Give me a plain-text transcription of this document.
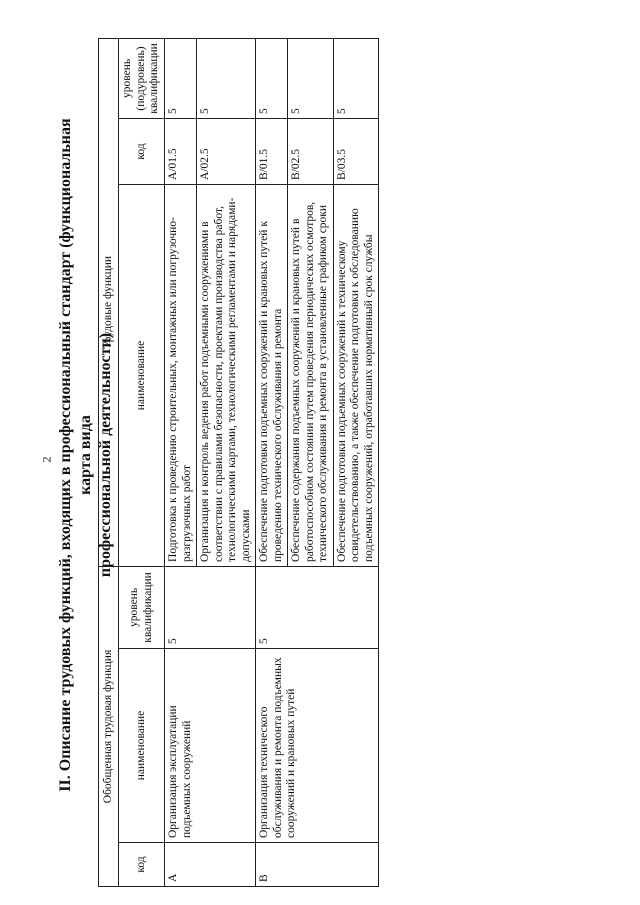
2 II. Описание трудовых функций, входящих в профессиональный стандарт (функциональная карта вида профессиональной деятельности)
Обобщенная трудовая функция			Трудовые функции		
код	наименование	уровень квалификации	наименование	код	уровень (подуровень) квалификации
A	Организация эксплуатации подъемных сооружений	5	Подготовка к проведению строительных, монтажных или погрузочно-разгрузочных работ	A/01.5	5
			Организация и контроль ведения работ подъемными сооружениями в соответствии с правилами безопасности, проектами производства работ, технологическими картами, технологическими регламентами и нарядами-допусками	A/02.5	5
B	Организация технического обслуживания и ремонта подъемных сооружений и крановых путей	5	Обеспечение подготовки подъемных сооружений и крановых путей к проведению технического обслуживания и ремонта	B/01.5	5
			Обеспечение содержания подъемных сооружений и крановых путей в работоспособном состоянии путем проведения периодических осмотров, технического обслуживания и ремонта в установленные графиком сроки	B/02.5	5
			Обеспечение подготовки подъемных сооружений к техническому освидетельствованию, а также обеспечение подготовки к обследованию подъемных сооружений, отработавших нормативный срок службы	B/03.5	5
